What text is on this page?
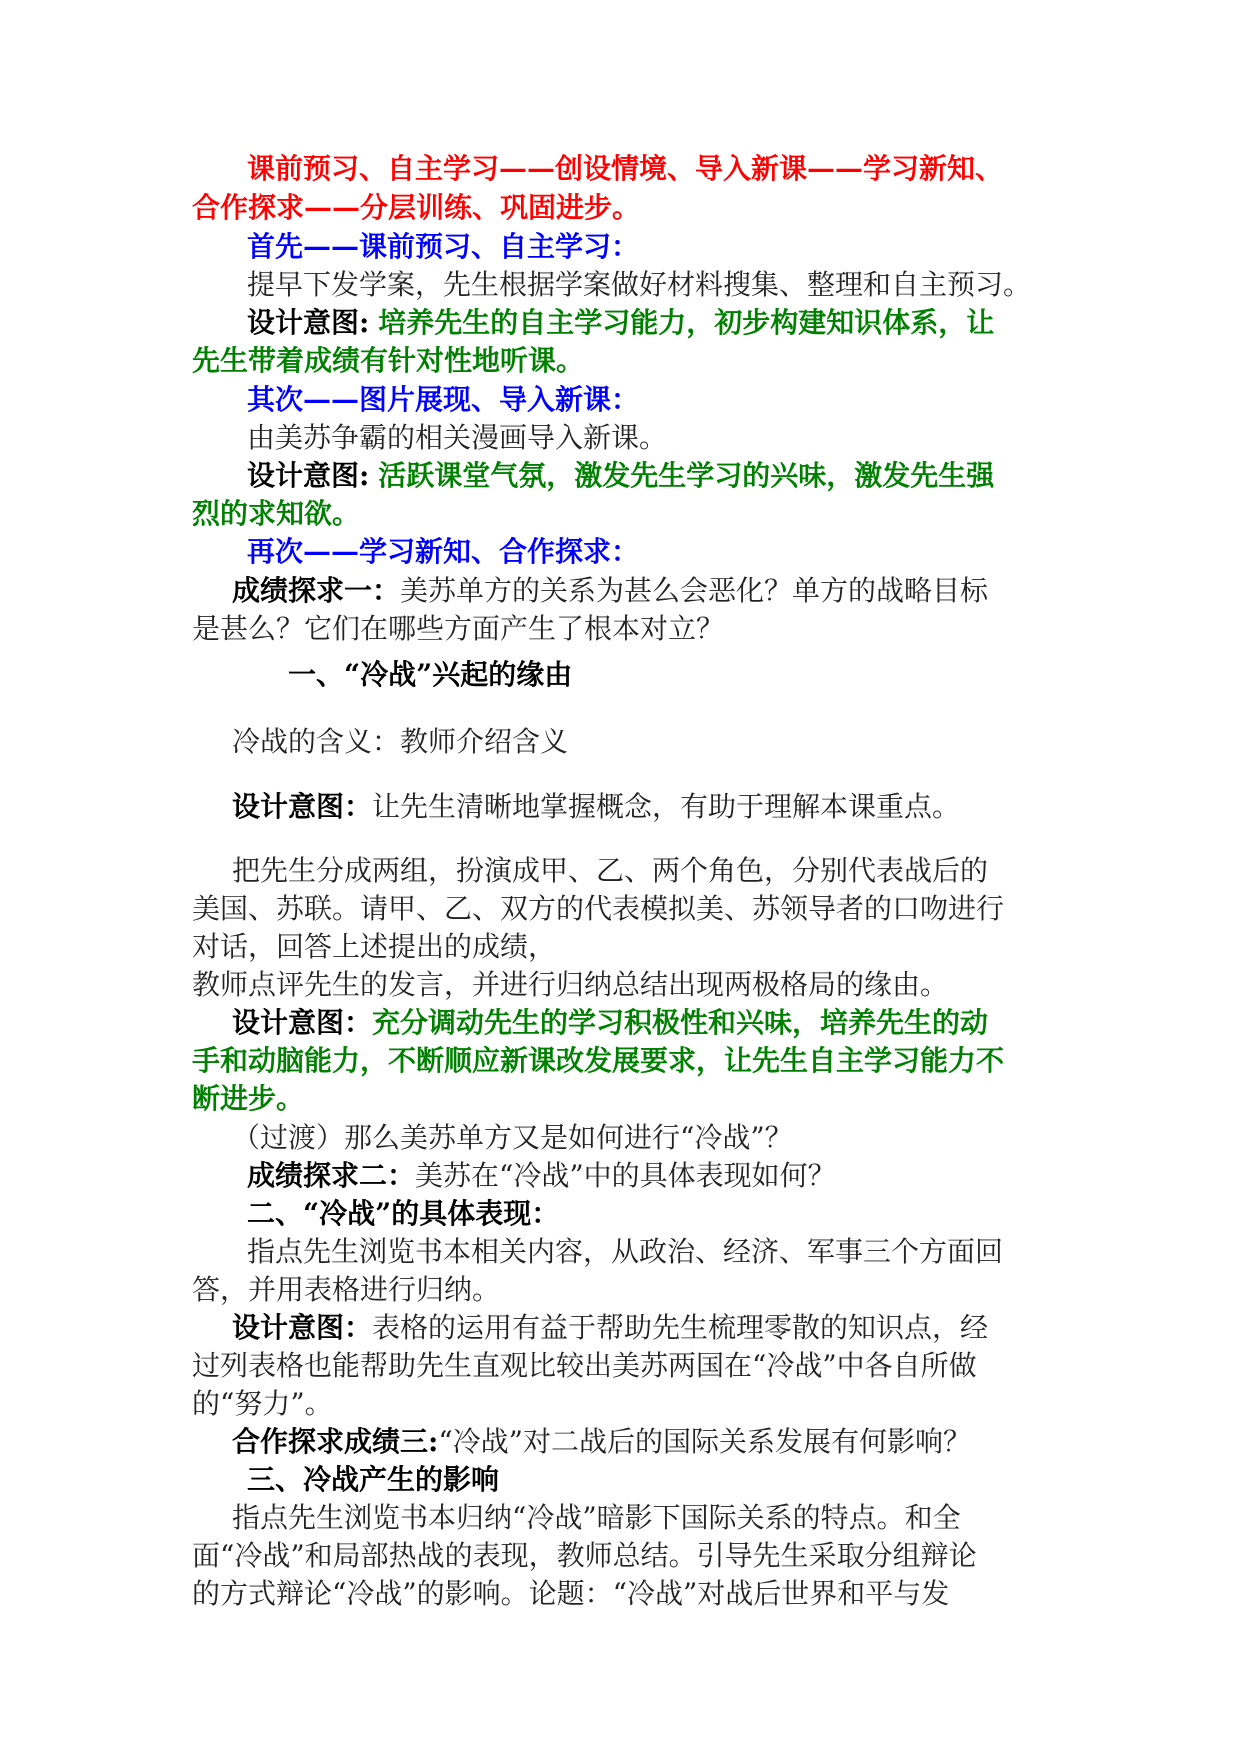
课前预习、自主学习——创设情境、导入新课——学习新知、
合作探求——分层训练、巩固进步。
首先——课前预习、自主学习：
提早下发学案，先生根据学案做好材料搜集、整理和自主预习。
设计意图: 培养先生的自主学习能力，初步构建知识体系，让
先生带着成绩有针对性地听课。
其次——图片展现、导入新课：
由美苏争霸的相关漫画导入新课。
设计意图: 活跃课堂气氛，激发先生学习的兴味，激发先生强
烈的求知欲。
再次——学习新知、合作探求：
成绩探求一：美苏单方的关系为甚么会恶化？单方的战略目标
是甚么？它们在哪些方面产生了根本对立？
一、“冷战”兴起的缘由
冷战的含义：教师介绍含义
设计意图：让先生清晰地掌握概念，有助于理解本课重点。
把先生分成两组，扮演成甲、乙、两个角色，分别代表战后的
美国、苏联。请甲、乙、双方的代表模拟美、苏领导者的口吻进行
对话，回答上述提出的成绩，
教师点评先生的发言，并进行归纳总结出现两极格局的缘由。
设计意图：充分调动先生的学习积极性和兴味，培养先生的动
手和动脑能力，不断顺应新课改发展要求，让先生自主学习能力不
断进步。
（过渡）那么美苏单方又是如何进行“冷战”？
成绩探求二：美苏在“冷战”中的具体表现如何？
二、“冷战”的具体表现：
指点先生浏览书本相关内容，从政治、经济、军事三个方面回
答，并用表格进行归纳。
设计意图：表格的运用有益于帮助先生梳理零散的知识点，经
过列表格也能帮助先生直观比较出美苏两国在“冷战”中各自所做
的“努力”。
合作探求成绩三:“冷战”对二战后的国际关系发展有何影响？
三、冷战产生的影响
指点先生浏览书本归纳“冷战”暗影下国际关系的特点。和全
面“冷战”和局部热战的表现，教师总结。引导先生采取分组辩论
的方式辩论“冷战”的影响。论题：“冷战”对战后世界和平与发
